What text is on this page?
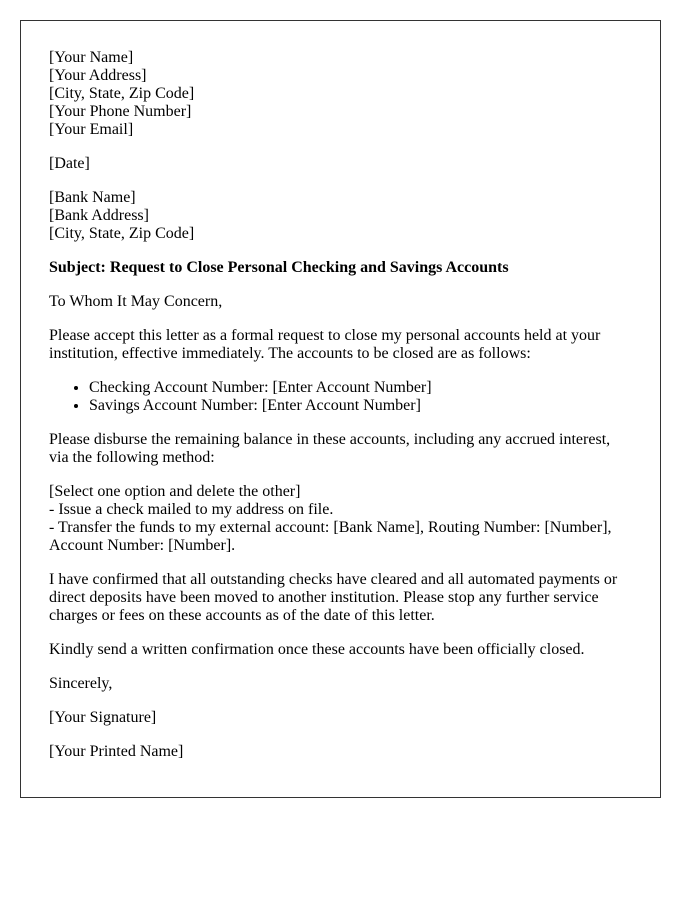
[Your Name]
[Your Address]
[City, State, Zip Code]
[Your Phone Number]
[Your Email]

[Date]

[Bank Name]
[Bank Address]
[City, State, Zip Code]

Subject: Request to Close Personal Checking and Savings Accounts

To Whom It May Concern,

Please accept this letter as a formal request to close my personal accounts held at your institution, effective immediately. The accounts to be closed are as follows:

• Checking Account Number: [Enter Account Number]
• Savings Account Number: [Enter Account Number]

Please disburse the remaining balance in these accounts, including any accrued interest, via the following method:

[Select one option and delete the other]
- Issue a check mailed to my address on file.
- Transfer the funds to my external account: [Bank Name], Routing Number: [Number], Account Number: [Number].

I have confirmed that all outstanding checks have cleared and all automated payments or direct deposits have been moved to another institution. Please stop any further service charges or fees on these accounts as of the date of this letter.

Kindly send a written confirmation once these accounts have been officially closed.

Sincerely,

[Your Signature]

[Your Printed Name]
